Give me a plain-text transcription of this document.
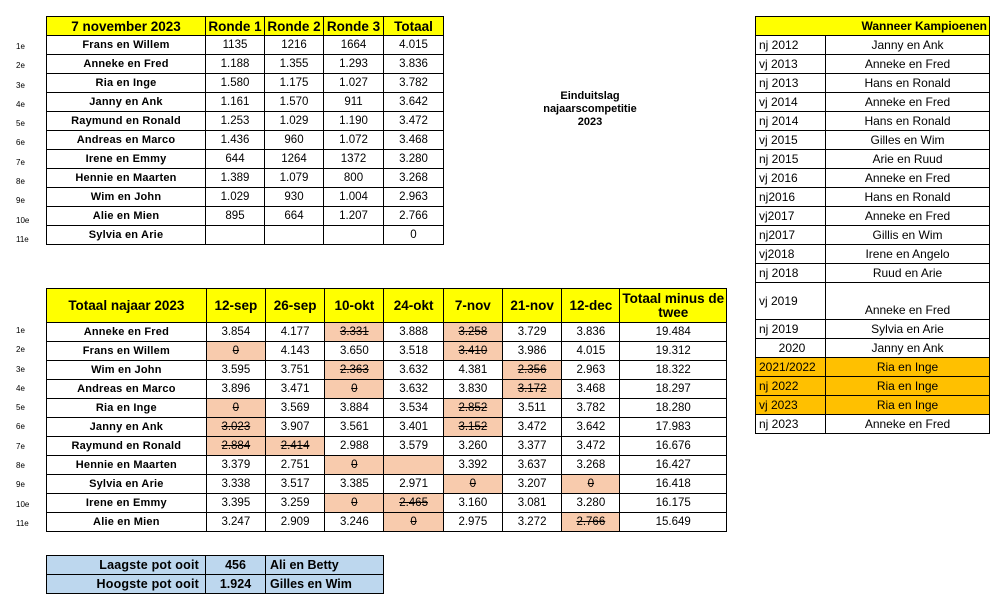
1e
2e
3e
4e
5e
6e
7e
8e
9e
10e
11e
1e
2e
3e
4e
5e
6e
7e
8e
9e
10e
11e
7 november 2023	Ronde 1	Ronde 2	Ronde 3	Totaal
Frans en Willem	1135	1216	1664	4.015
Anneke en Fred	1.188	1.355	1.293	3.836
Ria en Inge	1.580	1.175	1.027	3.782
Janny en Ank	1.161	1.570	911	3.642
Raymund en Ronald	1.253	1.029	1.190	3.472
Andreas en Marco	1.436	960	1.072	3.468
Irene en Emmy	644	1264	1372	3.280
Hennie en Maarten	1.389	1.079	800	3.268
Wim en John	1.029	930	1.004	2.963
Alie en Mien	895	664	1.207	2.766
Sylvia en Arie				0
Einduitslag
najaarscompetitie
2023
Totaal najaar 2023	12-sep	26-sep	10-okt	24-okt	7-nov	21-nov	12-dec	Totaal minus de twee
Anneke en Fred	3.854	4.177	3.331	3.888	3.258	3.729	3.836	19.484
Frans en Willem	0	4.143	3.650	3.518	3.410	3.986	4.015	19.312
Wim en John	3.595	3.751	2.363	3.632	4.381	2.356	2.963	18.322
Andreas en Marco	3.896	3.471	0	3.632	3.830	3.172	3.468	18.297
Ria en Inge	0	3.569	3.884	3.534	2.852	3.511	3.782	18.280
Janny en Ank	3.023	3.907	3.561	3.401	3.152	3.472	3.642	17.983
Raymund en Ronald	2.884	2.414	2.988	3.579	3.260	3.377	3.472	16.676
Hennie en Maarten	3.379	2.751	0		3.392	3.637	3.268	16.427
Sylvia en Arie	3.338	3.517	3.385	2.971	0	3.207	0	16.418
Irene en Emmy	3.395	3.259	0	2.465	3.160	3.081	3.280	16.175
Alie en Mien	3.247	2.909	3.246	0	2.975	3.272	2.766	15.649
Laagste pot ooit	456	Ali en Betty
Hoogste pot ooit	1.924	Gilles en Wim
Wanneer Kampioenen	
nj 2012	Janny en Ank
vj 2013	Anneke en Fred
nj 2013	Hans en Ronald
vj 2014	Anneke en Fred
nj 2014	Hans en Ronald
vj 2015	Gilles en Wim
nj 2015	Arie en Ruud
vj 2016	Anneke en Fred
nj2016	Hans en Ronald
vj2017	Anneke en Fred
nj2017	Gillis en Wim
vj2018	Irene en Angelo
nj 2018	Ruud en Arie
vj 2019	Anneke en Fred
nj 2019	Sylvia en Arie
2020	Janny en Ank
2021/2022	Ria en Inge
nj 2022	Ria en Inge
vj 2023	Ria en Inge
nj 2023	Anneke en Fred
